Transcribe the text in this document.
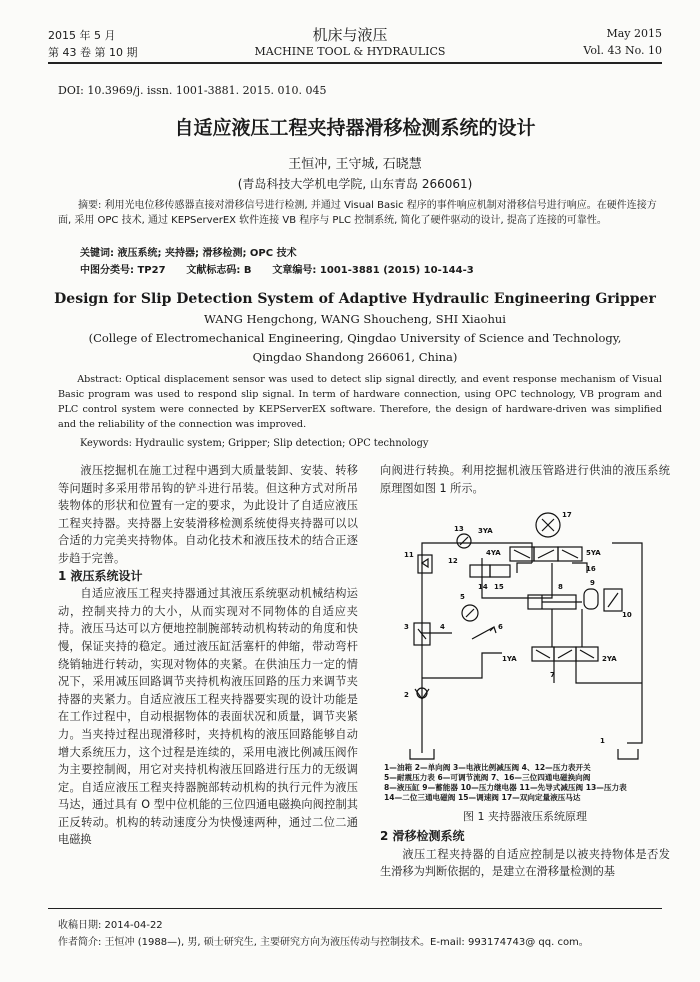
2015 年 5 月
第 43 卷 第 10 期
机床与液压
MACHINE TOOL & HYDRAULICS
May 2015
Vol. 43 No. 10
DOI: 10.3969/j. issn. 1001-3881. 2015. 010. 045
自适应液压工程夹持器滑移检测系统的设计
王恒冲, 王守城, 石晓慧
(青岛科技大学机电学院, 山东青岛 266061)
摘要: 利用光电位移传感器直接对滑移信号进行检测, 并通过 Visual Basic 程序的事件响应机制对滑移信号进行响应。在硬件连接方面, 采用 OPC 技术, 通过 KEPServerEX 软件连接 VB 程序与 PLC 控制系统, 简化了硬件驱动的设计, 提高了连接的可靠性。
关键词: 液压系统; 夹持器; 滑移检测; OPC 技术
中图分类号: TP27      文献标志码: B      文章编号: 1001-3881 (2015) 10-144-3
Design for Slip Detection System of Adaptive Hydraulic Engineering Gripper
WANG Hengchong, WANG Shoucheng, SHI Xiaohui
(College of Electromechanical Engineering, Qingdao University of Science and Technology,
Qingdao Shandong 266061, China)
Abstract: Optical displacement sensor was used to detect slip signal directly, and event response mechanism of Visual Basic program was used to respond slip signal. In term of hardware connection, using OPC technology, VB program and PLC control system were connected by KEPServerEX software. Therefore, the design of hardware-driven was simplified and the reliability of the connection was improved.
Keywords: Hydraulic system; Gripper; Slip detection; OPC technology

液压挖掘机在施工过程中遇到大质量装卸、安装、转移等问题时多采用带吊钩的铲斗进行吊装。但这种方式对所吊装物体的形状和位置有一定的要求，为此设计了自适应液压工程夹持器。夹持器上安装滑移检测系统使得夹持器可以以合适的力完美夹持物体。自动化技术和液压技术的结合正逐步趋于完善。

1 液压系统设计

自适应液压工程夹持器通过其液压系统驱动机械结构运动，控制夹持力的大小，从而实现对不同物体的自适应夹持。液压马达可以方便地控制腕部转动机构转动的角度和快慢，保证夹持的稳定。通过液压缸活塞杆的伸缩，带动弯杆绕销轴进行转动，实现对物体的夹紧。在供油压力一定的情况下，采用减压回路调节夹持机构液压回路的压力来调节夹持器的夹紧力。自适应液压工程夹持器要实现的设计功能是在工作过程中，自动根据物体的表面状况和质量，调节夹紧力。当夹持过程出现滑移时，夹持机构的液压回路能够自动增大系统压力，这个过程是连续的，采用电液比例减压阀作为主要控制阀，用它对夹持机构液压回路进行压力的无级调定。自适应液压工程夹持器腕部转动机构的执行元件为液压马达，通过具有 O 型中位机能的三位四通电磁换向阀控制其正反转动。机构的转动速度分为快慢速两种，通过二位二通电磁换

向阀进行转换。利用挖掘机液压管路进行供油的液压系统原理图如图 1 所示。

1
2
3	4
5
6
7
8	9
10
11
12
13
14 15
16
17
1YA	2YA
3YA
4YA	5YA
1—油箱 2—单向阀 3—电液比例减压阀 4、12—压力表开关
5—耐震压力表 6—可调节流阀 7、16—三位四通电磁换向阀
8—液压缸 9—蓄能器 10—压力继电器 11—先导式减压阀 13—压力表
14—二位三通电磁阀 15—调速阀 17—双向定量液压马达
图 1 夹持器液压系统原理
2 滑移检测系统

液压工程夹持器的自适应控制是以被夹持物体是否发生滑移为判断依据的，是建立在滑移量检测的基

收稿日期: 2014-04-22
作者简介: 王恒冲 (1988—), 男, 硕士研究生, 主要研究方向为液压传动与控制技术。E-mail: 993174743@ qq. com。
